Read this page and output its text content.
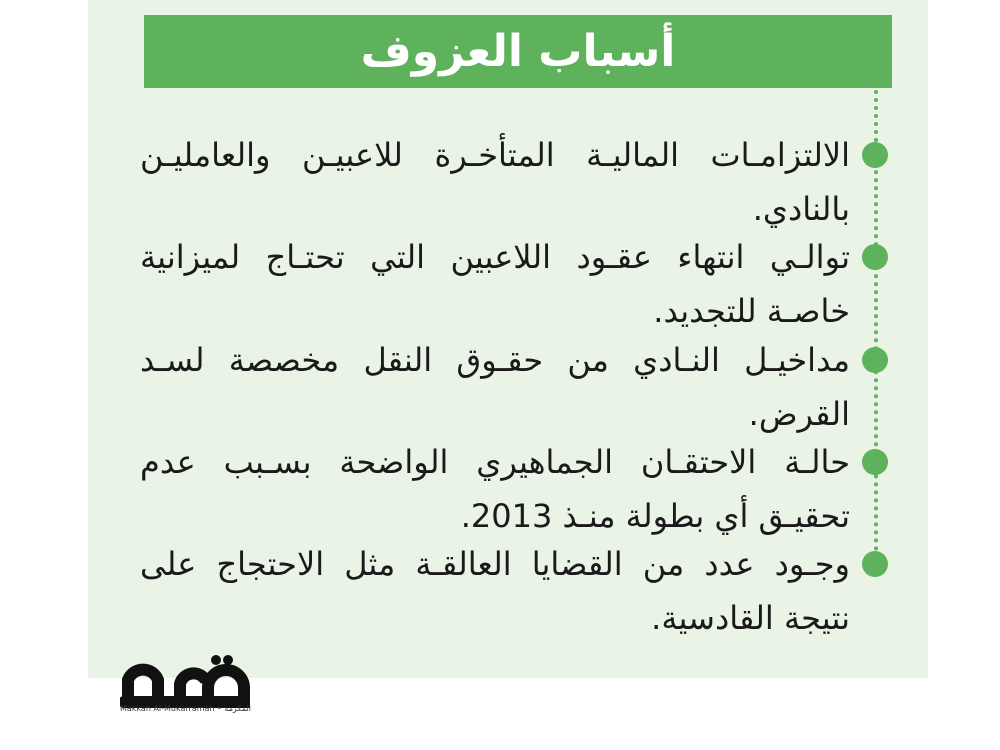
أسباب العزوف
الالتزامـات الماليـة المتأخـرة للاعبيـن والعامليـن بالنادي.
توالـي انتهاء عقـود اللاعبين التي تحتـاج لميزانية خاصـة للتجديد.
مداخيـل النـادي من حقـوق النقل مخصصة لسـد القرض.
حالـة الاحتقـان الجماهيري الواضحة بسـبب عدم تحقيـق أي بطولة منـذ 2013.
وجـود عدد من القضايا العالقـة مثل الاحتجاج على نتيجة القادسية.
Makkah Al-Mukarramah • المكرمة
